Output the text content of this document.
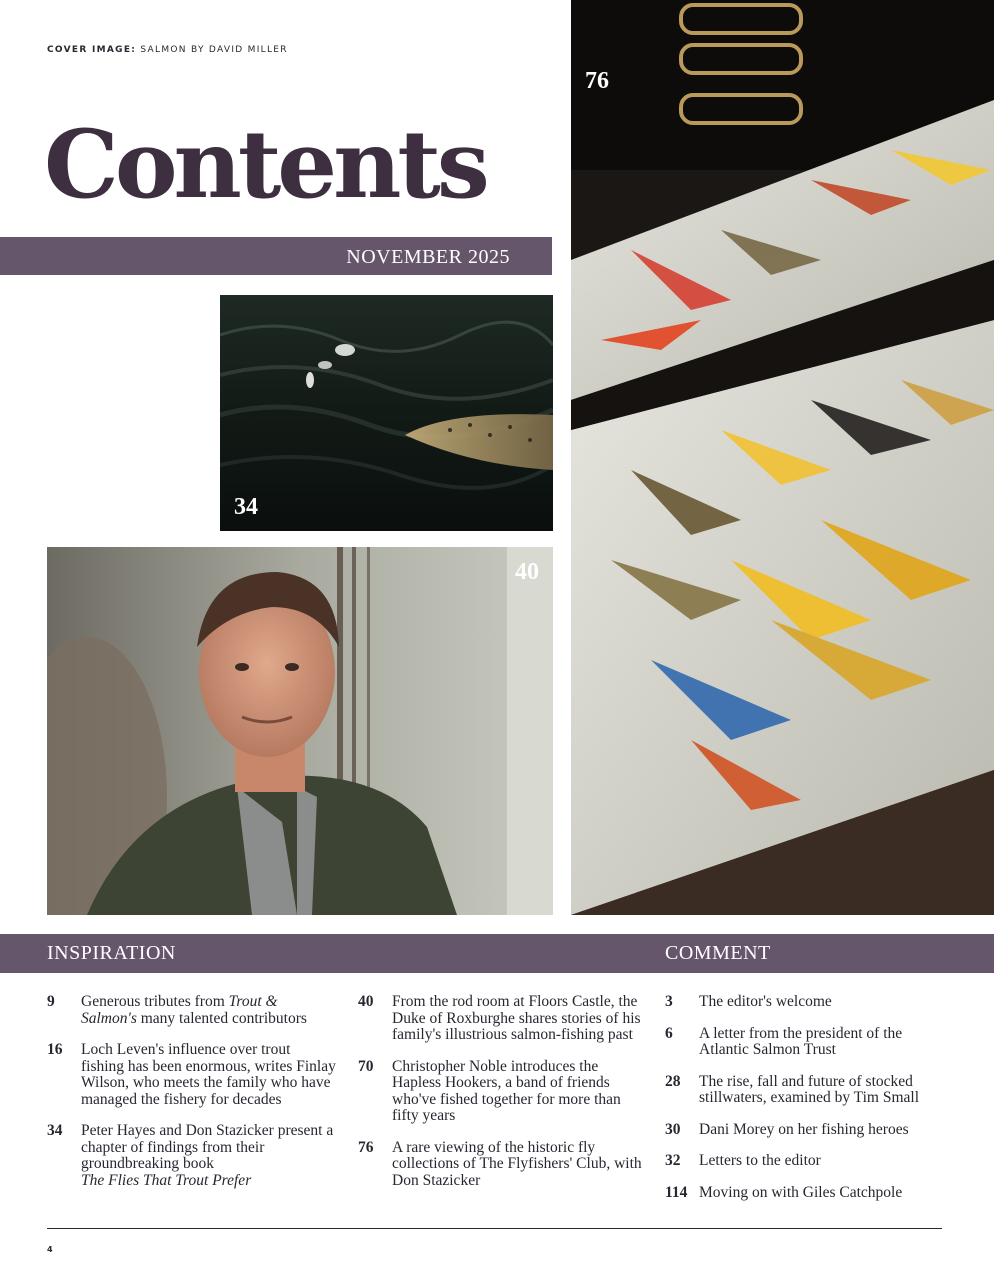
COVER IMAGE: SALMON BY DAVID MILLER
Contents
NOVEMBER 2025
34
40
76
INSPIRATION	COMMENT
9 Generous tributes from Trout &
Salmon's many talented contributors
16 Loch Leven's influence over trout fishing has been enormous, writes Finlay Wilson, who meets the family who have managed the fishery for decades
34 Peter Hayes and Don Stazicker present a chapter of findings from their groundbreaking book
The Flies That Trout Prefer
40 From the rod room at Floors Castle, the Duke of Roxburghe shares stories of his family's illustrious salmon-fishing past
70 Christopher Noble introduces the Hapless Hookers, a band of friends who've fished together for more than fifty years
76 A rare viewing of the historic fly collections of The Flyfishers' Club, with Don Stazicker
3 The editor's welcome
6 A letter from the president of the Atlantic Salmon Trust
28 The rise, fall and future of stocked stillwaters, examined by Tim Small
30 Dani Morey on her fishing heroes
32 Letters to the editor
114 Moving on with Giles Catchpole
4
